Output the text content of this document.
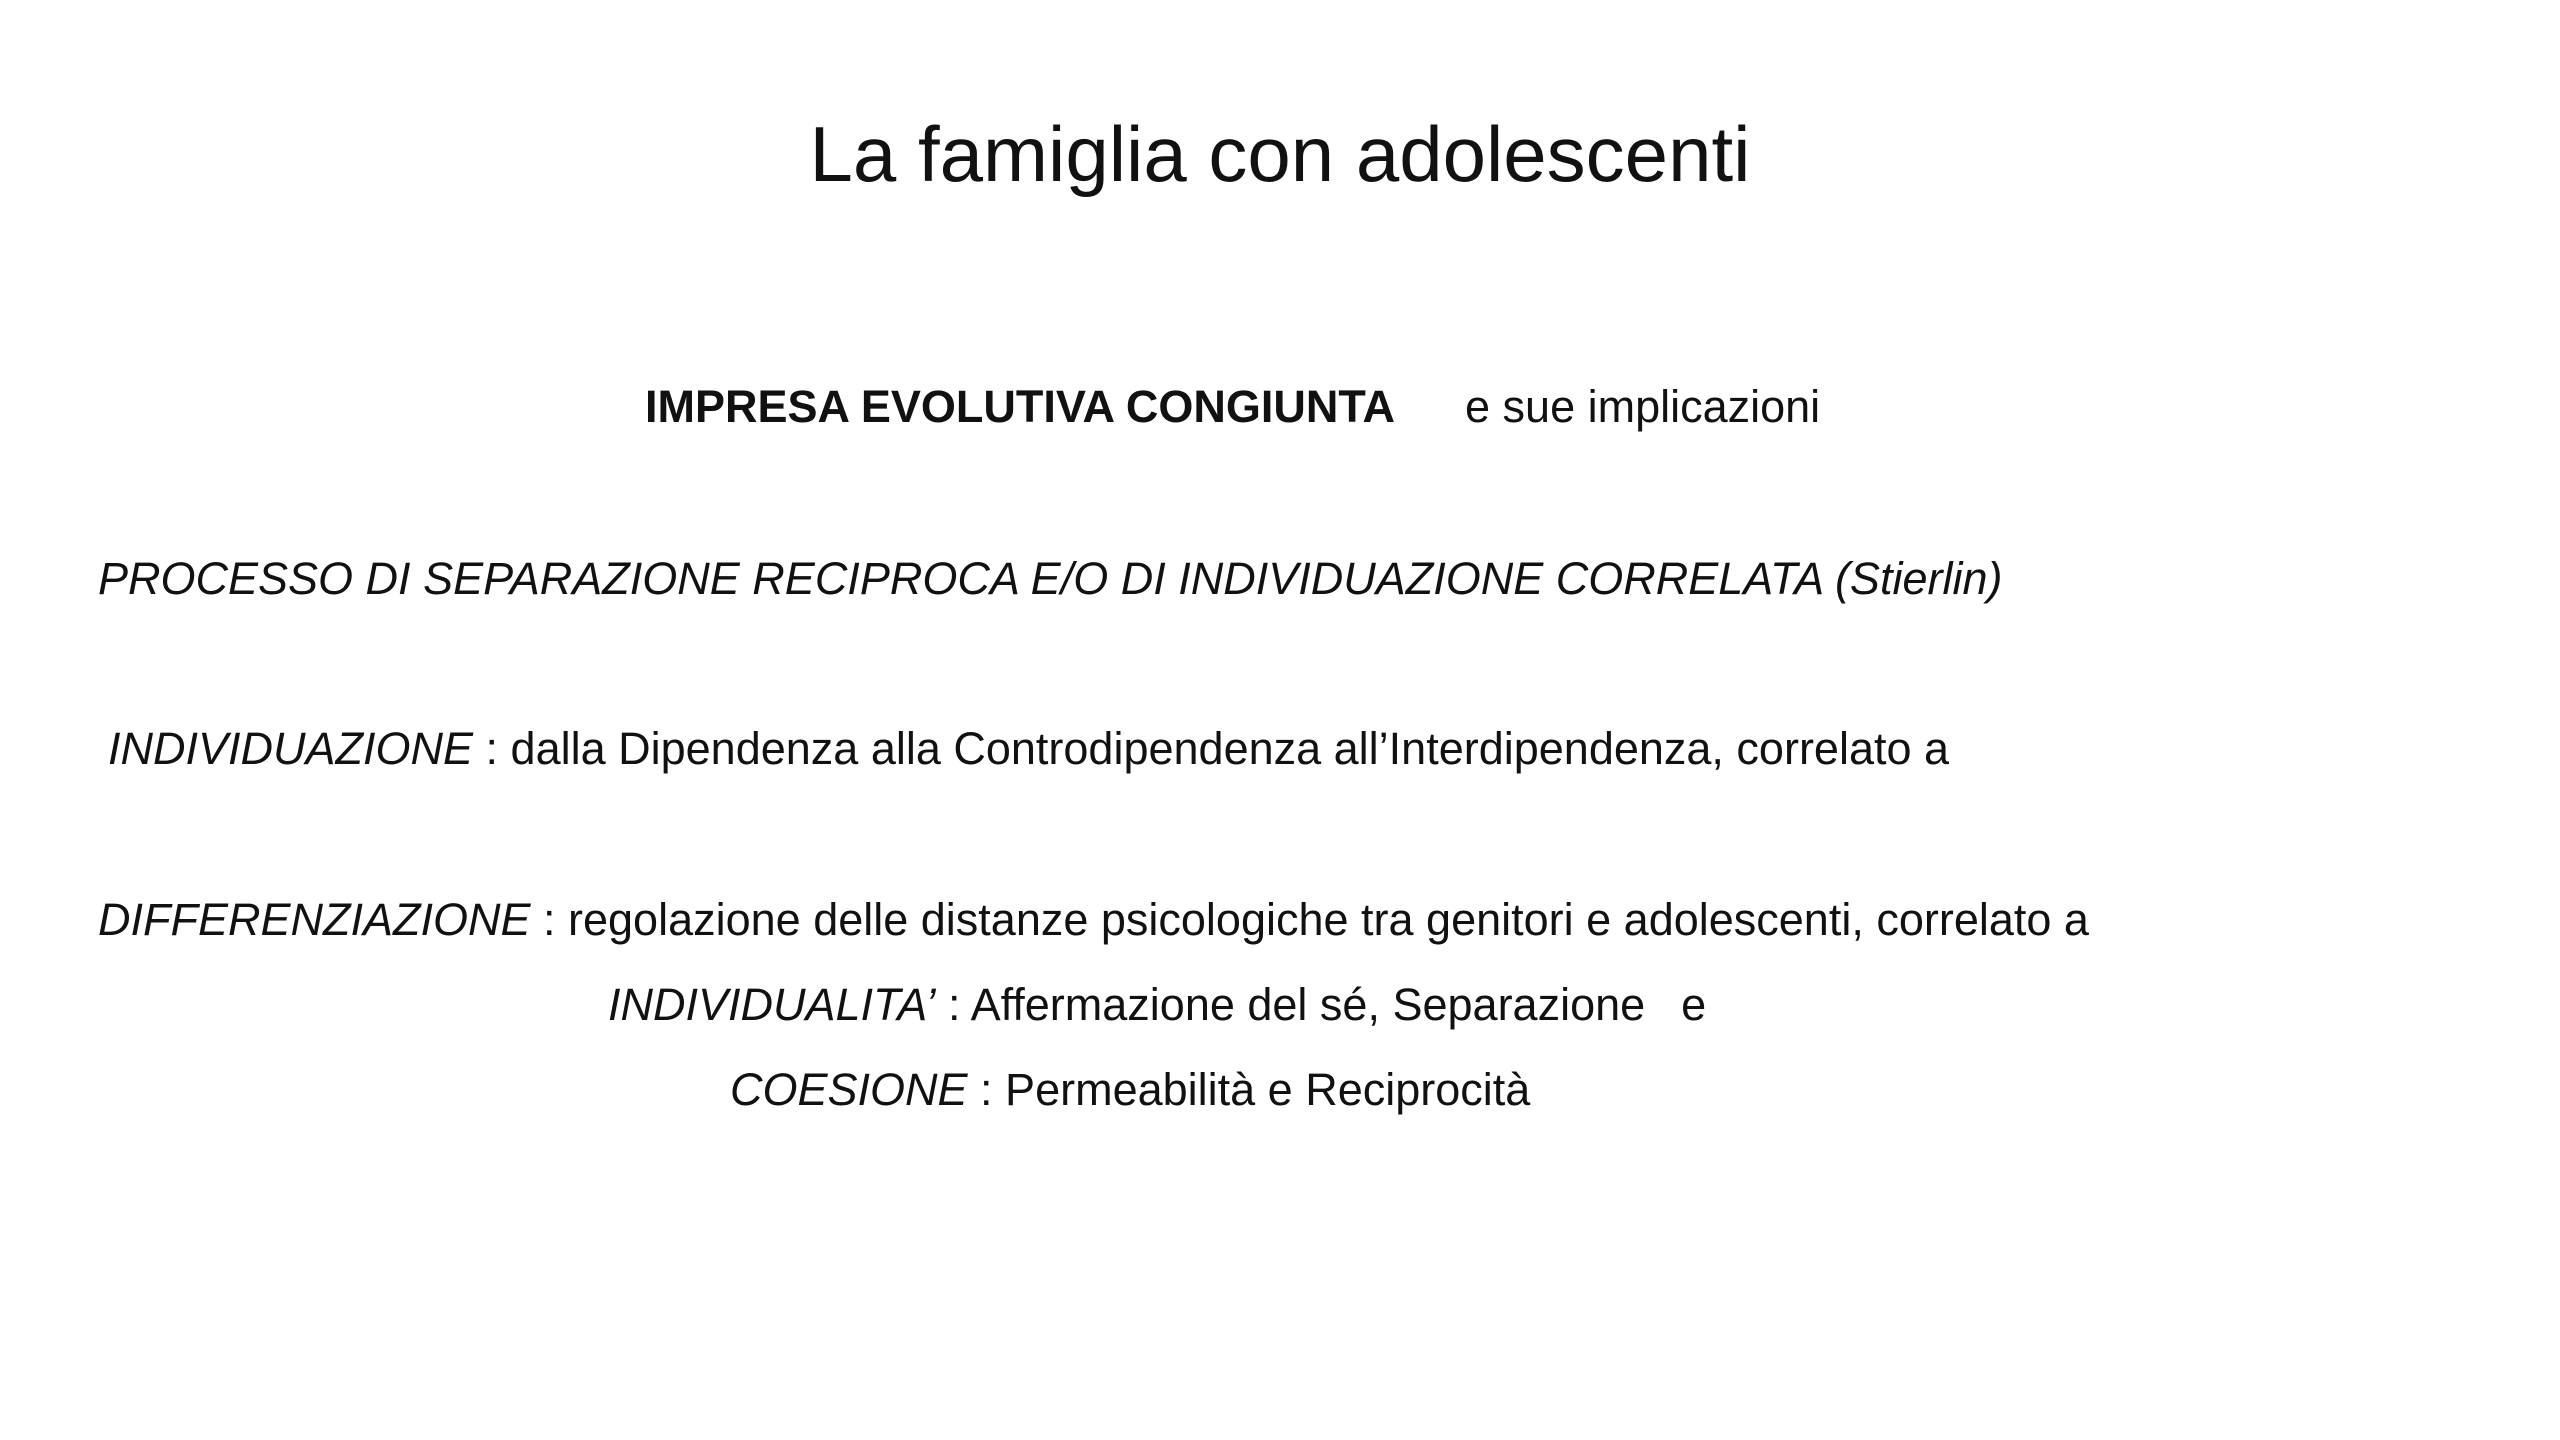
La famiglia con adolescenti
IMPRESA EVOLUTIVA CONGIUNTA e sue implicazioni
PROCESSO DI SEPARAZIONE RECIPROCA E/O DI INDIVIDUAZIONE CORRELATA (Stierlin)
INDIVIDUAZIONE : dalla Dipendenza alla Controdipendenza all’Interdipendenza, correlato a
DIFFERENZIAZIONE : regolazione delle distanze psicologiche tra genitori e adolescenti, correlato a
INDIVIDUALITA’ : Affermazione del sé, Separazione e
COESIONE : Permeabilità e Reciprocità
